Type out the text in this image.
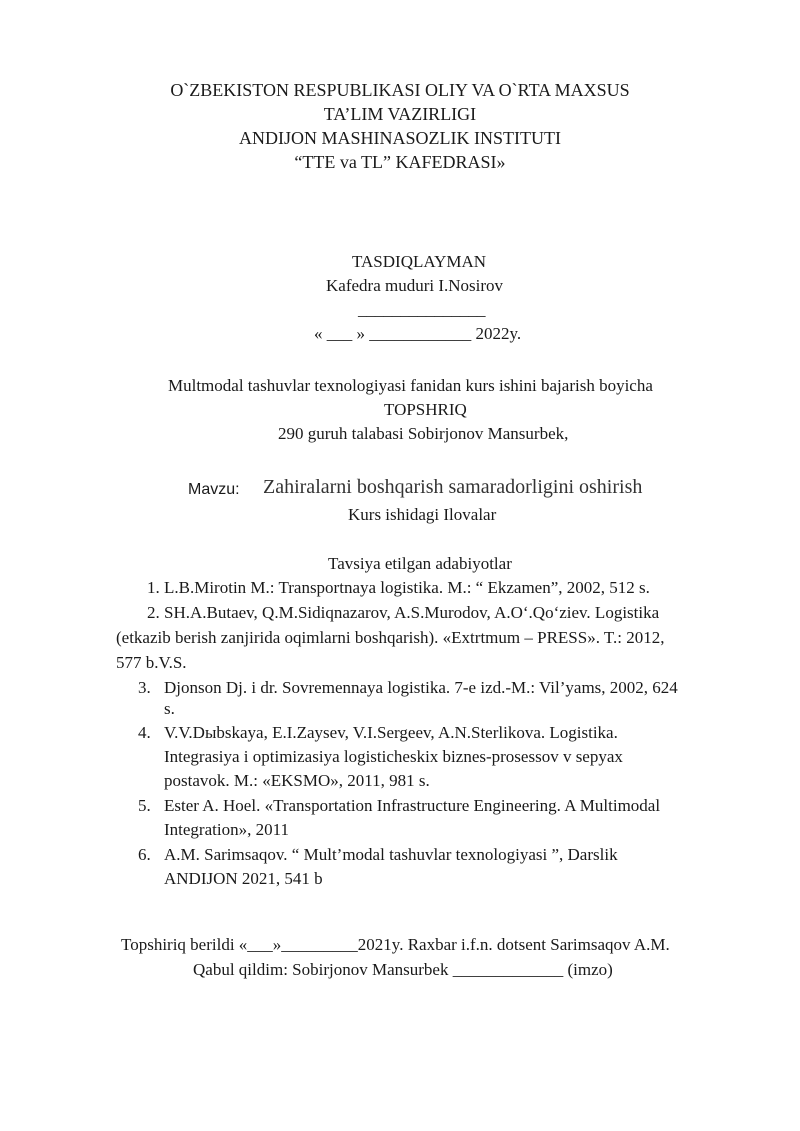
O`ZBEKISTON RESPUBLIKASI OLIY VA O`RTA MAXSUS
TA’LIM VAZIRLIGI
ANDIJON MASHINASOZLIK INSTITUTI
“TTE va TL” KAFEDRASI»
TASDIQLAYMAN
Kafedra muduri I.Nosirov
_______________
« ___ » ____________ 2022y.
Multmodal tashuvlar texnologiyasi fanidan kurs ishini bajarish boyicha
TOPSHRIQ
290 guruh talabasi Sobirjonov Mansurbek,
Mavzu: Zahiralarni boshqarish samaradorligini oshirish
Kurs ishidagi Ilovalar
Tavsiya etilgan adabiyotlar
1. L.B.Mirotin M.: Transportnaya logistika. M.: “ Ekzamen”, 2002, 512 s.
2. SH.A.Butaev, Q.M.Sidiqnazarov, A.S.Murodov, A.O‘.Qo‘ziev. Logistika
(etkazib berish zanjirida oqimlarni boshqarish). «Extrtmum – PRESS». T.: 2012,
577 b.V.S.
3. Djonson Dj. i dr. Sovremennaya logistika. 7-e izd.-M.: Vil’yams, 2002, 624
s.
4. V.V.Dыbskaya, E.I.Zaysev, V.I.Sergeev, A.N.Sterlikova. Logistika.
Integrasiya i optimizasiya logisticheskix biznes-prosessov v sepyax
postavok. M.: «EKSMO», 2011, 981 s.
5. Ester A. Hoel. «Transportation Infrastructure Engineering. A Multimodal
Integration», 2011
6. A.M. Sarimsaqov. “ Mult’modal tashuvlar texnologiyasi ”, Darslik
ANDIJON 2021, 541 b
Topshiriq berildi «___»_________2021y. Raxbar i.f.n. dotsent Sarimsaqov A.M.
Qabul qildim: Sobirjonov Mansurbek _____________ (imzo)
